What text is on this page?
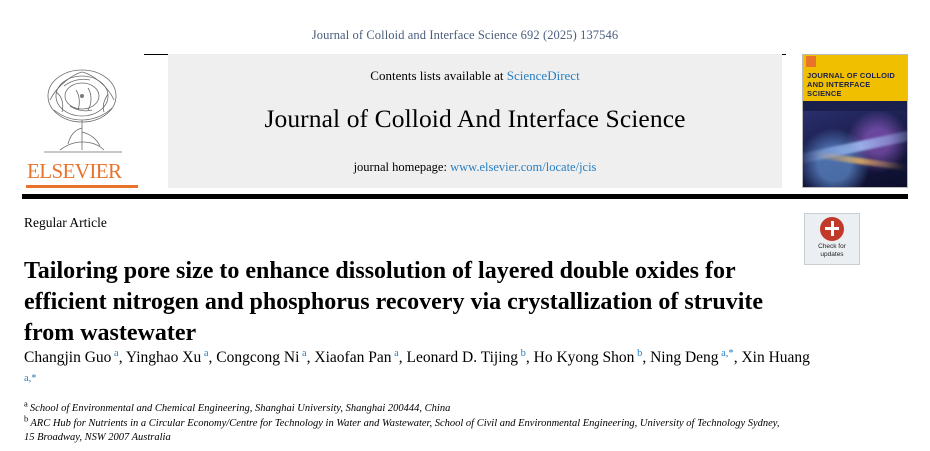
Journal of Colloid and Interface Science 692 (2025) 137546
ELSEVIER
Contents lists available at ScienceDirect
Journal of Colloid And Interface Science
journal homepage: www.elsevier.com/locate/jcis
JOURNAL OF COLLOID AND INTERFACE SCIENCE
Regular Article
Tailoring pore size to enhance dissolution of layered double oxides for efficient nitrogen and phosphorus recovery via crystallization of struvite from wastewater
Changjin Guo $^a$, Yinghao Xu $^a$, Congcong Ni $^a$, Xiaofan Pan $^a$, Leonard D. Tijing $^b$, Ho Kyong Shon $^b$, Ning Deng $^{a,*}$, Xin Huang $^{a,*}$
$^a$ School of Environmental and Chemical Engineering, Shanghai University, Shanghai 200444, China
$^b$ ARC Hub for Nutrients in a Circular Economy/Centre for Technology in Water and Wastewater, School of Civil and Environmental Engineering, University of Technology Sydney, 15 Broadway, NSW 2007 Australia
Check for
updates
